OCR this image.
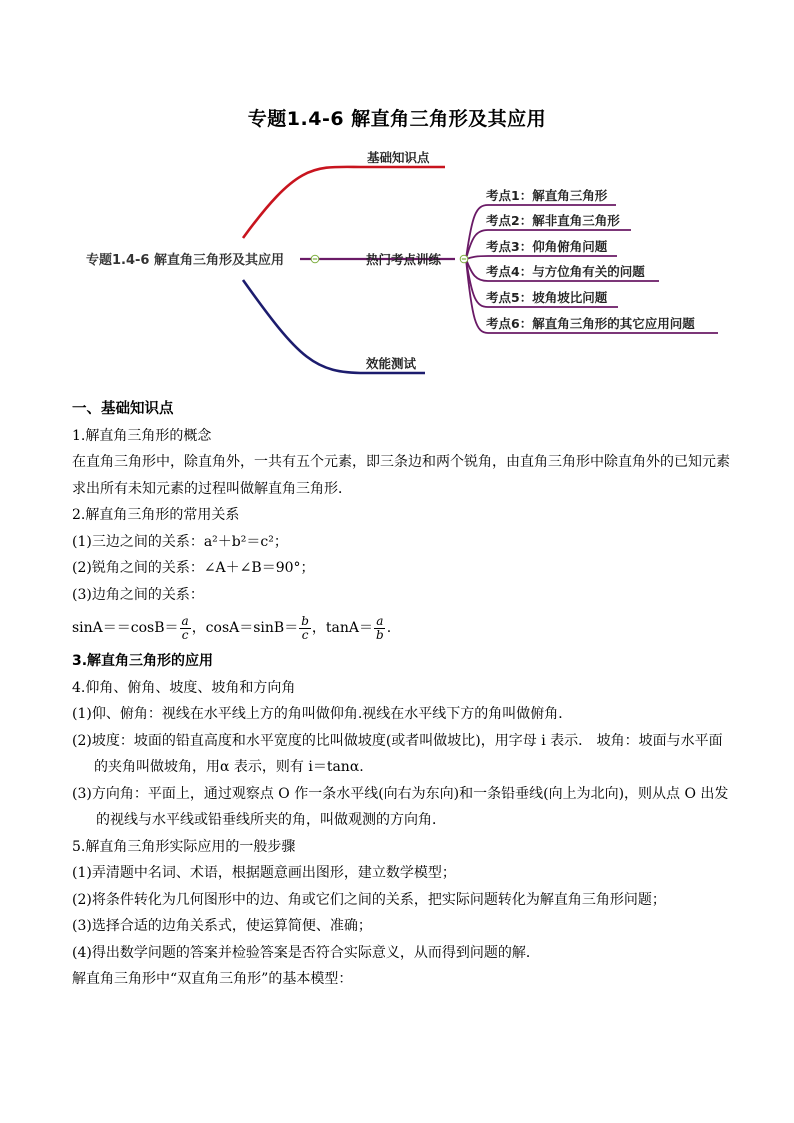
专题1.4-6 解直角三角形及其应用
专题1.4-6 解直角三角形及其应用
基础知识点
热门考点训练
效能测试
考点1：解直角三角形
考点2：解非直角三角形
考点3：仰角俯角问题
考点4：与方位角有关的问题
考点5：坡角坡比问题
考点6：解直角三角形的其它应用问题

一、基础知识点

1.解直角三角形的概念

在直角三角形中，除直角外，一共有五个元素，即三条边和两个锐角，由直角三角形中除直角外的已知元素求出所有未知元素的过程叫做解直角三角形．

2.解直角三角形的常用关系

(1)三边之间的关系：a²＋b²＝c²；

(2)锐角之间的关系：∠A＋∠B＝90°；

(3)边角之间的关系：

$\sin A==\cos B= \frac{a}{c}$ ，$\cos A=\sin B= \frac{b}{c}$ ，$\tan A= \frac{a}{b}$ .

3.解直角三角形的应用

4.仰角、俯角、坡度、坡角和方向角

(1)仰、俯角：视线在水平线上方的角叫做仰角.视线在水平线下方的角叫做俯角．

(2)坡度：坡面的铅直高度和水平宽度的比叫做坡度(或者叫做坡比)，用字母 i 表示． 坡角：坡面与水平面的夹角叫做坡角，用α 表示，则有 i＝tanα.

(3)方向角：平面上，通过观察点 O 作一条水平线(向右为东向)和一条铅垂线(向上为北向)，则从点 O 出发的视线与水平线或铅垂线所夹的角，叫做观测的方向角．

5.解直角三角形实际应用的一般步骤

(1)弄清题中名词、术语，根据题意画出图形，建立数学模型；

(2)将条件转化为几何图形中的边、角或它们之间的关系，把实际问题转化为解直角三角形问题；

(3)选择合适的边角关系式，使运算简便、准确；

(4)得出数学问题的答案并检验答案是否符合实际意义，从而得到问题的解．

解直角三角形中“双直角三角形”的基本模型：
